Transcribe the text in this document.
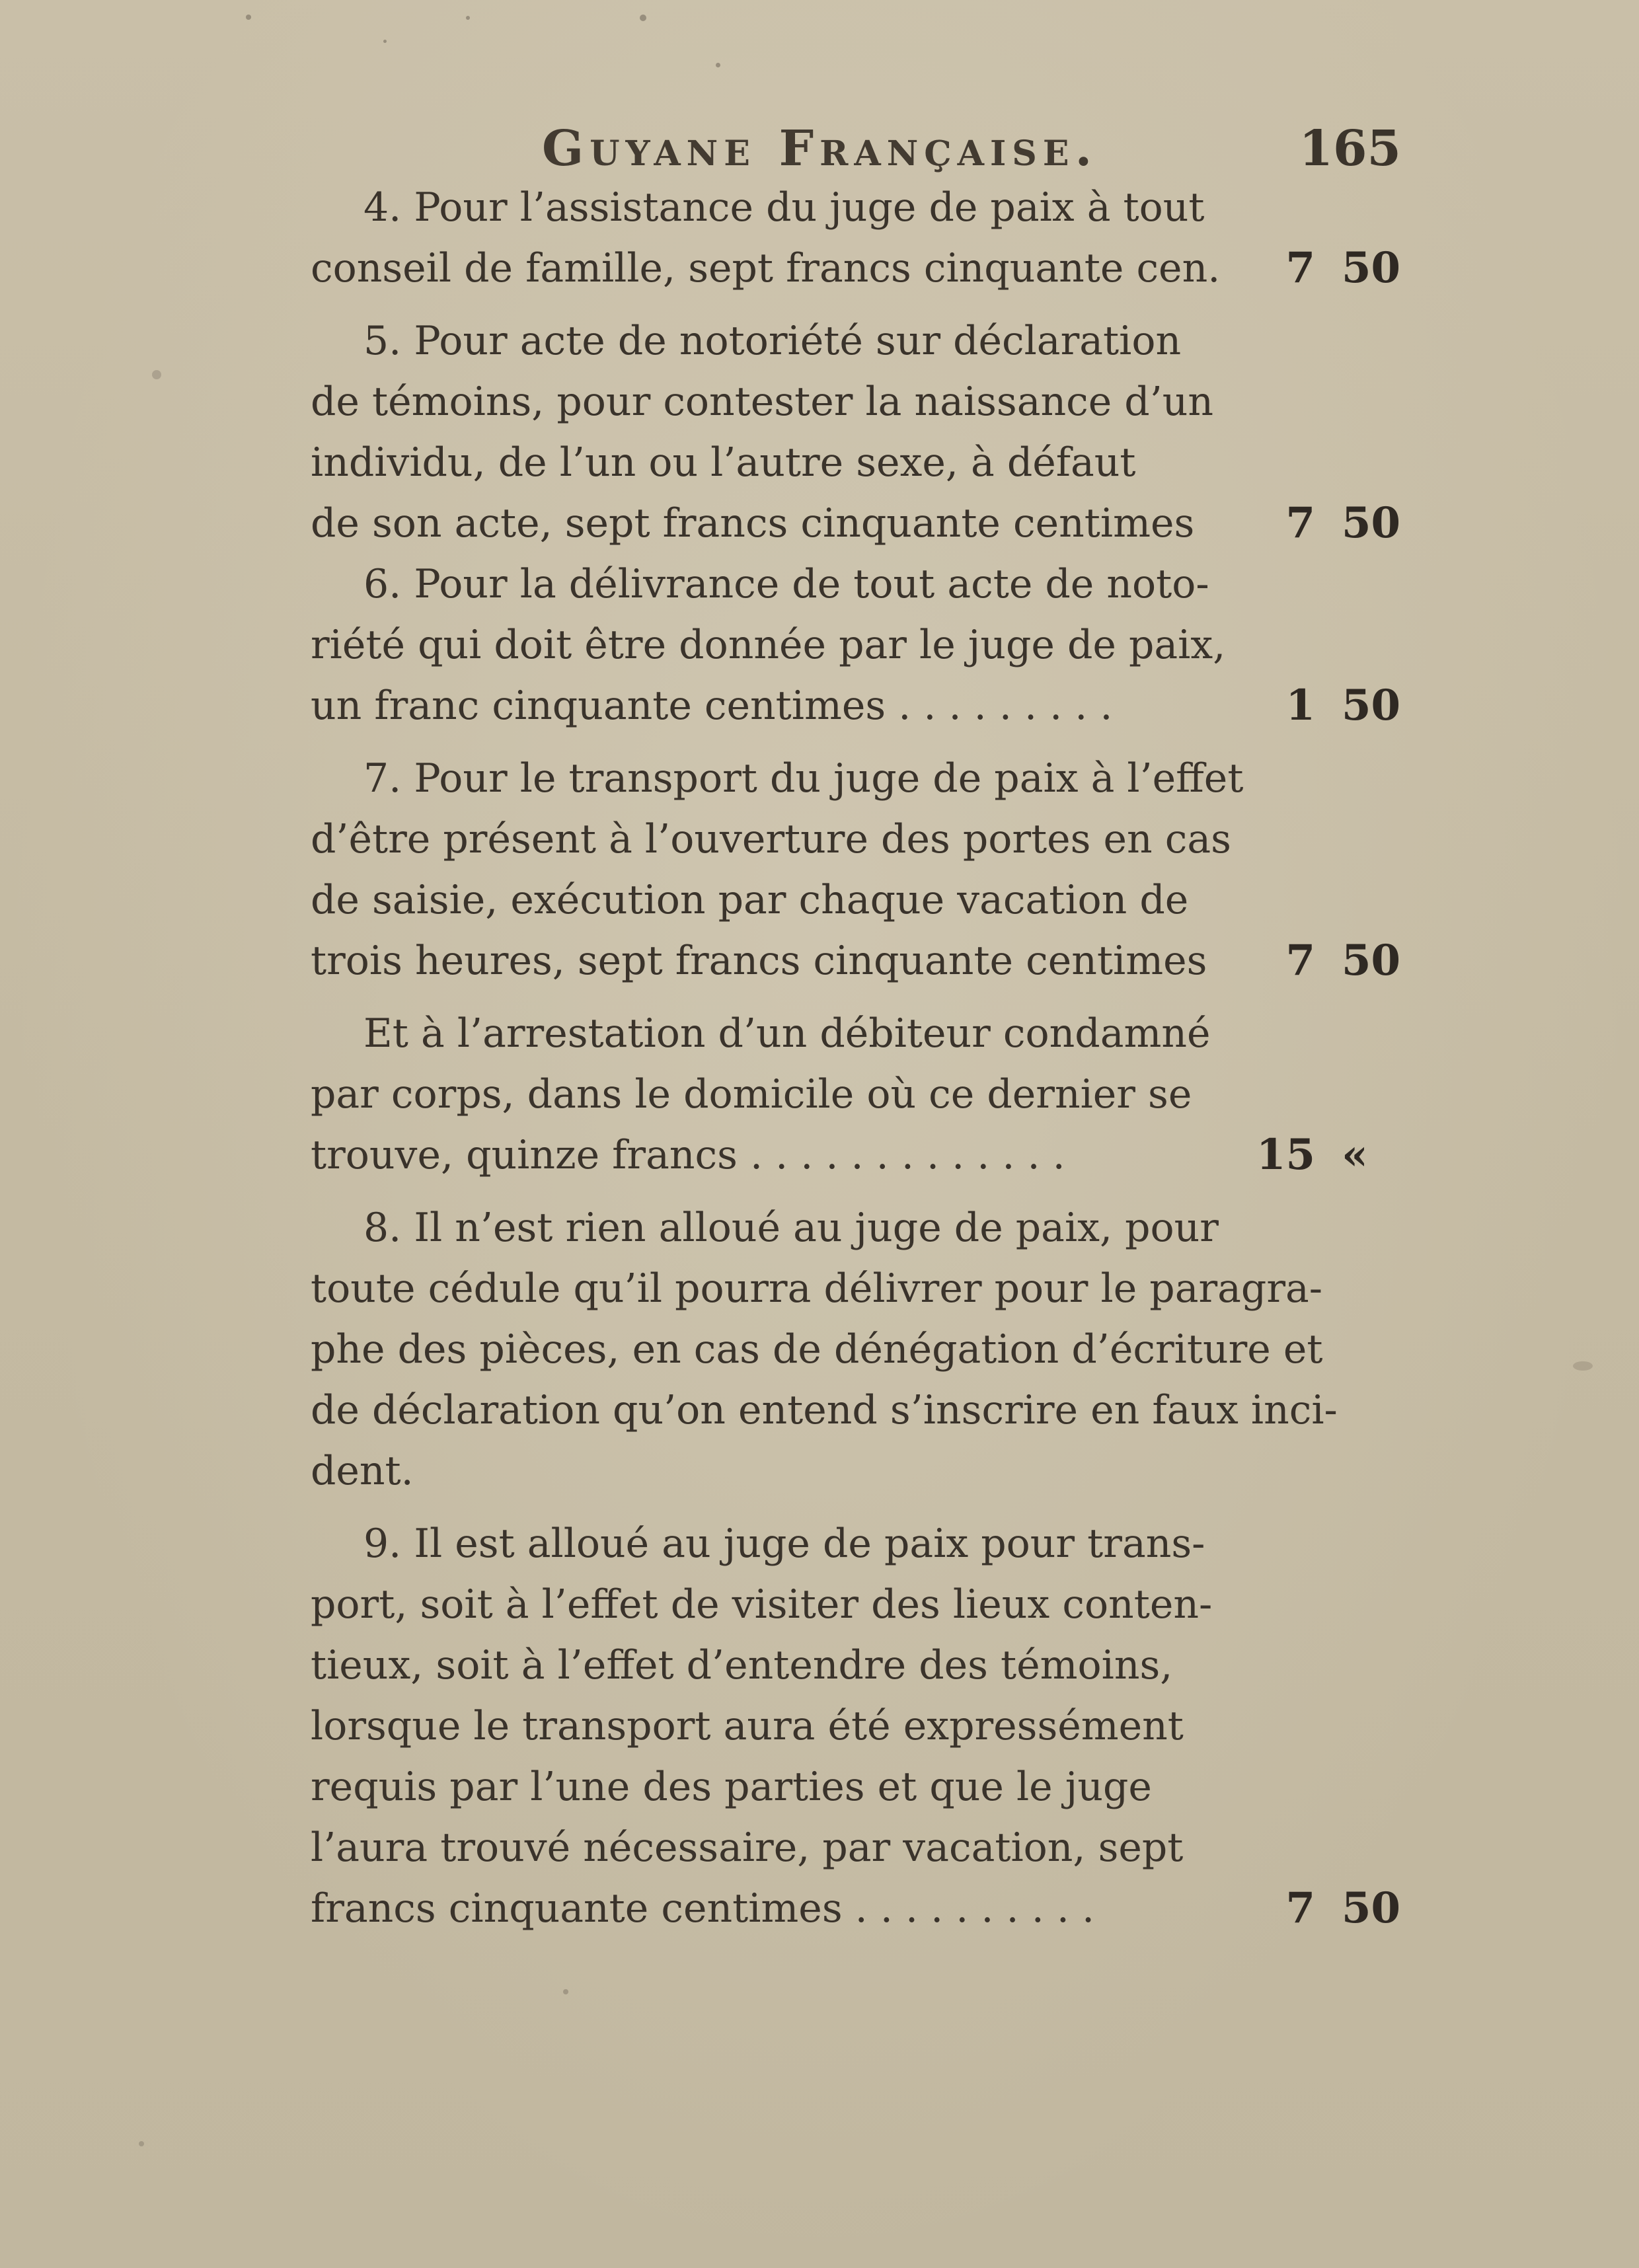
Guyane Française.	165
4. Pour l’assistance du juge de paix à tout
conseil de famille, sept francs cinquante cen.	7 50
5. Pour acte de notoriété sur déclaration
de témoins, pour contester la naissance d’un
individu, de l’un ou l’autre sexe, à défaut
de son acte, sept francs cinquante centimes	7 50
6. Pour la délivrance de tout acte de noto-
riété qui doit être donnée par le juge de paix,
un franc cinquante centimes . . . . . . . . .	1 50
7. Pour le transport du juge de paix à l’effet
d’être présent à l’ouverture des portes en cas
de saisie, exécution par chaque vacation de
trois heures, sept francs cinquante centimes	7 50
Et à l’arrestation d’un débiteur condamné
par corps, dans le domicile où ce dernier se
trouve, quinze francs . . . . . . . . . . . . .	15 «
8. Il n’est rien alloué au juge de paix, pour
toute cédule qu’il pourra délivrer pour le paragra-
phe des pièces, en cas de dénégation d’écriture et
de déclaration qu’on entend s’inscrire en faux inci-
dent.
9. Il est alloué au juge de paix pour trans-
port, soit à l’effet de visiter des lieux conten-
tieux, soit à l’effet d’entendre des témoins,
lorsque le transport aura été expressément
requis par l’une des parties et que le juge
l’aura trouvé nécessaire, par vacation, sept
francs cinquante centimes . . . . . . . . . .	7 50
